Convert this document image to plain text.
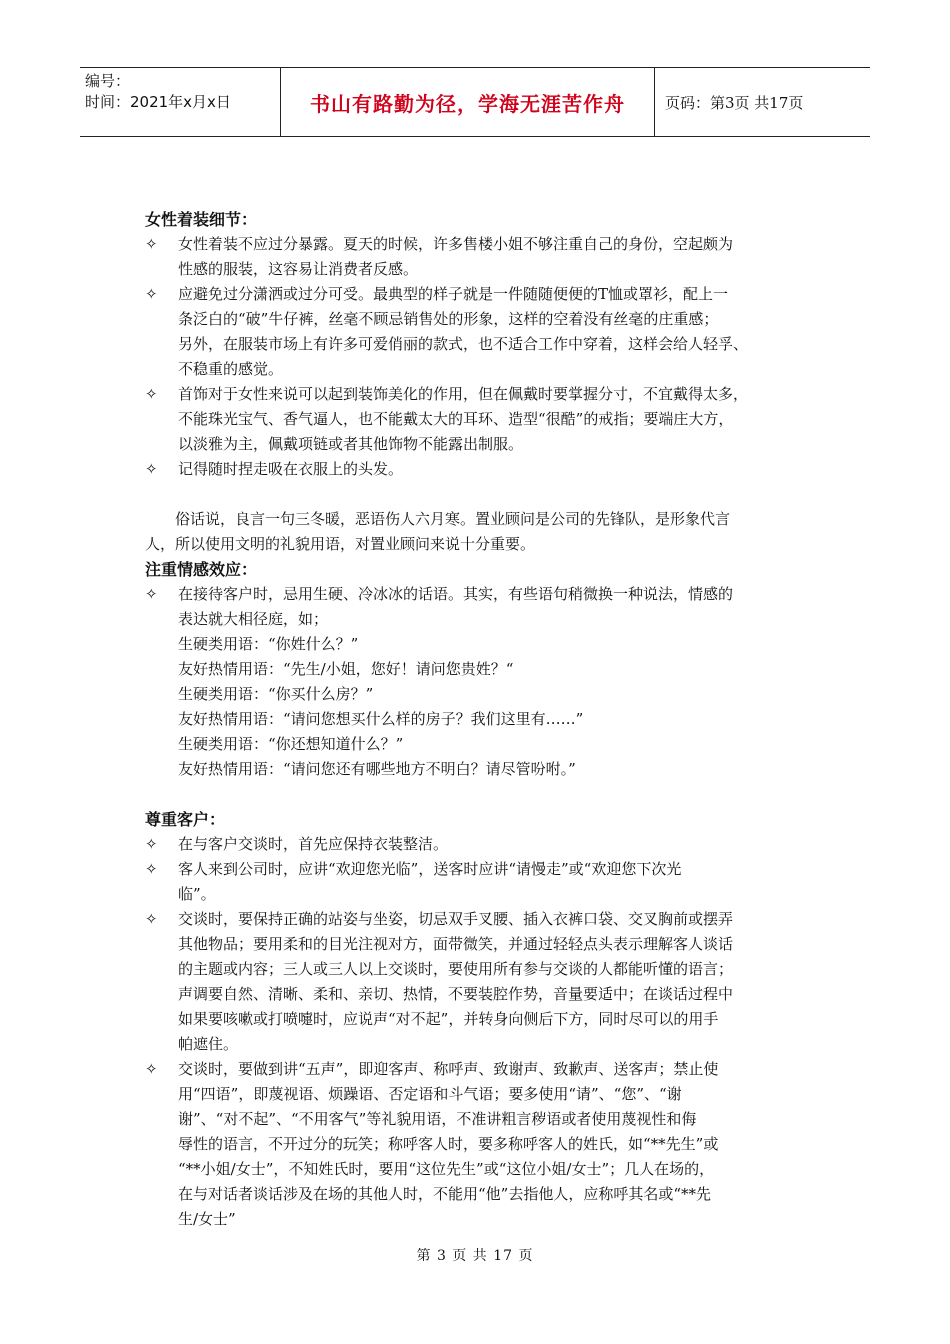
编号：
时间：2021年x月x日	书山有路勤为径，学海无涯苦作舟	页码：第3页 共17页
女性着装细节：
✧	女性着装不应过分暴露。夏天的时候，许多售楼小姐不够注重自己的身份，空起颇为
性感的服装，这容易让消费者反感。
✧	应避免过分潇洒或过分可受。最典型的样子就是一件随随便便的T恤或罩衫，配上一
条泛白的“破”牛仔裤，丝毫不顾忌销售处的形象，这样的空着没有丝毫的庄重感；
另外，在服装市场上有许多可爱俏丽的款式，也不适合工作中穿着，这样会给人轻孚、
不稳重的感觉。
✧	首饰对于女性来说可以起到装饰美化的作用，但在佩戴时要掌握分寸，不宜戴得太多，
不能珠光宝气、香气逼人，也不能戴太大的耳环、造型“很酷”的戒指；要端庄大方，
以淡雅为主，佩戴项链或者其他饰物不能露出制服。
✧	记得随时捏走吸在衣服上的头发。
　　俗话说，良言一句三冬暖，恶语伤人六月寒。置业顾问是公司的先锋队，是形象代言
人，所以使用文明的礼貌用语，对置业顾问来说十分重要。
注重情感效应：
✧	在接待客户时，忌用生硬、冷冰冰的话语。其实，有些语句稍微换一种说法，情感的
表达就大相径庭，如；
生硬类用语：“你姓什么？”
友好热情用语：“先生/小姐，您好！请问您贵姓？“
生硬类用语：“你买什么房？”
友好热情用语：“请问您想买什么样的房子？我们这里有……”
生硬类用语：“你还想知道什么？”
友好热情用语：“请问您还有哪些地方不明白？请尽管吩咐。”
尊重客户：
✧	在与客户交谈时，首先应保持衣装整洁。
✧	客人来到公司时，应讲“欢迎您光临”，送客时应讲“请慢走”或“欢迎您下次光
临”。
✧	交谈时，要保持正确的站姿与坐姿，切忌双手叉腰、插入衣裤口袋、交叉胸前或摆弄
其他物品；要用柔和的目光注视对方，面带微笑，并通过轻轻点头表示理解客人谈话
的主题或内容；三人或三人以上交谈时，要使用所有参与交谈的人都能听懂的语言；
声调要自然、清晰、柔和、亲切、热情，不要装腔作势，音量要适中；在谈话过程中
如果要咳嗽或打喷嚏时，应说声“对不起”，并转身向侧后下方，同时尽可以的用手
帕遮住。
✧	交谈时，要做到讲“五声”，即迎客声、称呼声、致谢声、致歉声、送客声；禁止使
用“四语”，即蔑视语、烦躁语、否定语和斗气语；要多使用“请”、“您”、“谢
谢”、“对不起”、“不用客气”等礼貌用语，不准讲粗言秽语或者使用蔑视性和侮
辱性的语言，不开过分的玩笑；称呼客人时，要多称呼客人的姓氏，如“**先生”或
“**小姐/女士”，不知姓氏时，要用“这位先生”或“这位小姐/女士”；几人在场的，
在与对话者谈话涉及在场的其他人时，不能用“他”去指他人，应称呼其名或“**先
生/女士”
第 3 页 共 17 页
